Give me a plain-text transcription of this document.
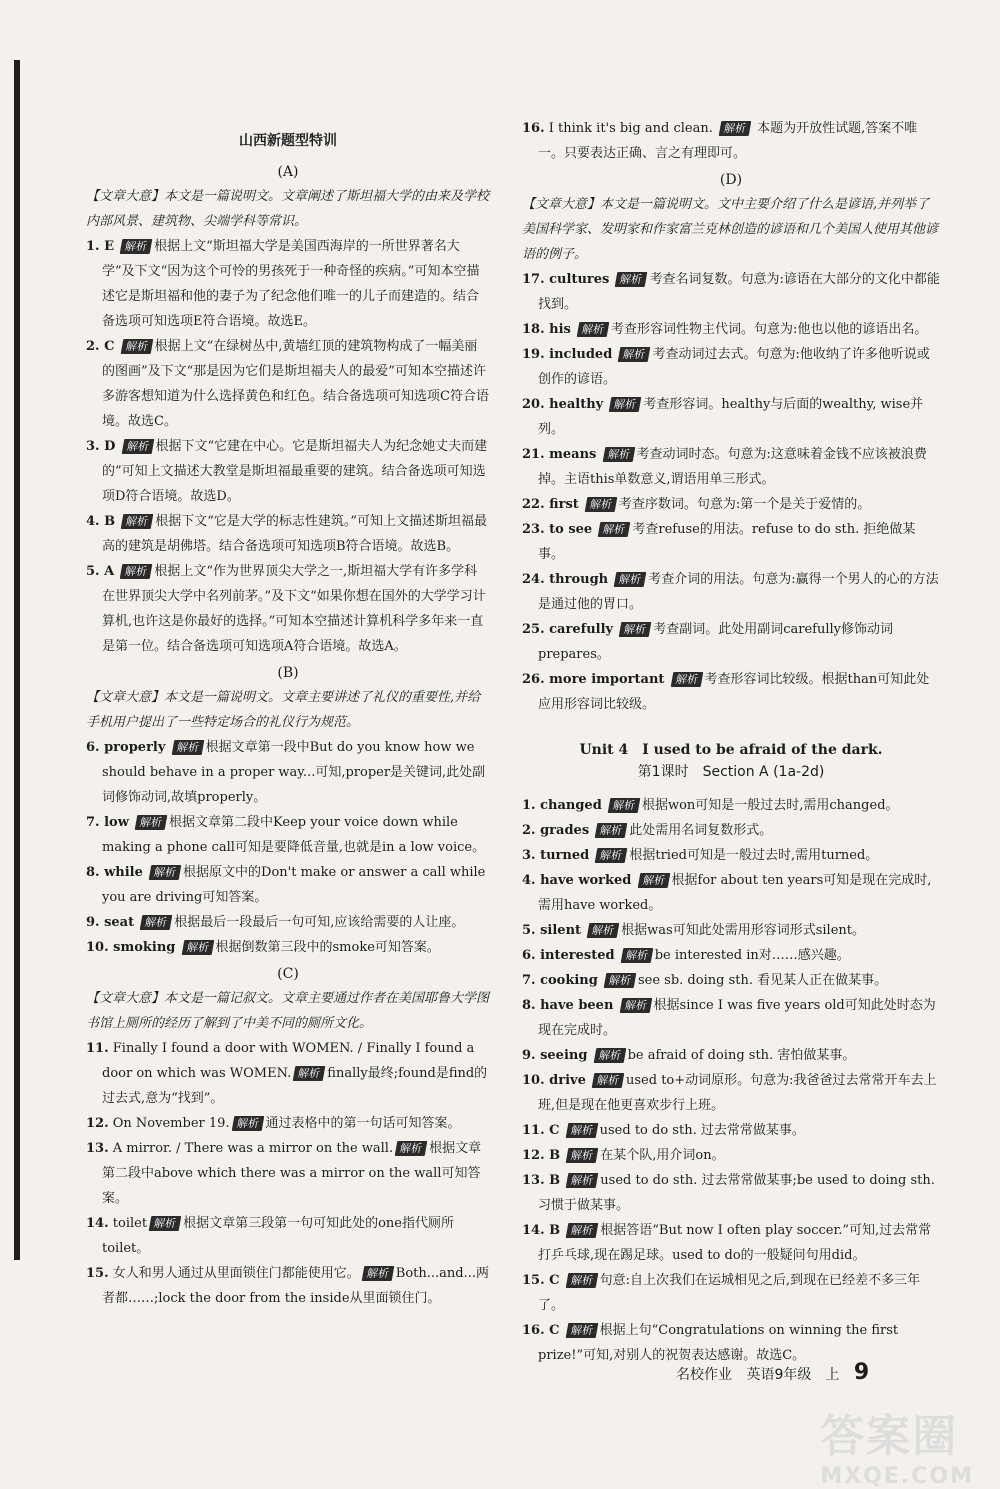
山西新题型特训
(A)

【文章大意】本文是一篇说明文。文章阐述了斯坦福大学的由来及学校内部风景、建筑物、尖端学科等常识。

1. E 解析 根据上文“斯坦福大学是美国西海岸的一所世界著名大学”及下文“因为这个可怜的男孩死于一种奇怪的疾病。”可知本空描述它是斯坦福和他的妻子为了纪念他们唯一的儿子而建造的。结合备选项可知选项E符合语境。故选E。

2. C 解析 根据上文“在绿树丛中,黄墙红顶的建筑物构成了一幅美丽的图画”及下文“那是因为它们是斯坦福夫人的最爱”可知本空描述许多游客想知道为什么选择黄色和红色。结合备选项可知选项C符合语境。故选C。

3. D 解析 根据下文“它建在中心。它是斯坦福夫人为纪念她丈夫而建的”可知上文描述大教堂是斯坦福最重要的建筑。结合备选项可知选项D符合语境。故选D。

4. B 解析 根据下文“它是大学的标志性建筑。”可知上文描述斯坦福最高的建筑是胡佛塔。结合备选项可知选项B符合语境。故选B。

5. A 解析 根据上文“作为世界顶尖大学之一,斯坦福大学有许多学科在世界顶尖大学中名列前茅。”及下文“如果你想在国外的大学学习计算机,也许这是你最好的选择。”可知本空描述计算机科学多年来一直是第一位。结合备选项可知选项A符合语境。故选A。

(B)

【文章大意】本文是一篇说明文。文章主要讲述了礼仪的重要性,并给手机用户提出了一些特定场合的礼仪行为规范。

6. properly 解析 根据文章第一段中But do you know how we should behave in a proper way...可知,proper是关键词,此处副词修饰动词,故填properly。

7. low 解析 根据文章第二段中Keep your voice down while making a phone call可知是要降低音量,也就是in a low voice。

8. while 解析 根据原文中的Don't make or answer a call while you are driving可知答案。

9. seat 解析 根据最后一段最后一句可知,应该给需要的人让座。

10. smoking 解析 根据倒数第三段中的smoke可知答案。

(C)

【文章大意】本文是一篇记叙文。文章主要通过作者在美国耶鲁大学图书馆上厕所的经历了解到了中美不同的厕所文化。

11. Finally I found a door with WOMEN. / Finally I found a door on which was WOMEN. 解析 finally最终;found是find的过去式,意为“找到”。

12. On November 19. 解析 通过表格中的第一句话可知答案。

13. A mirror. / There was a mirror on the wall. 解析 根据文章第二段中above which there was a mirror on the wall可知答案。

14. toilet 解析 根据文章第三段第一句可知此处的one指代厕所toilet。

15. 女人和男人通过从里面锁住门都能使用它。 解析 Both...and...两者都……;lock the door from the inside从里面锁住门。

16. I think it's big and clean. 解析 本题为开放性试题,答案不唯一。只要表达正确、言之有理即可。

(D)

【文章大意】本文是一篇说明文。文中主要介绍了什么是谚语,并列举了美国科学家、发明家和作家富兰克林创造的谚语和几个美国人使用其他谚语的例子。

17. cultures 解析 考查名词复数。句意为:谚语在大部分的文化中都能找到。

18. his 解析 考查形容词性物主代词。句意为:他也以他的谚语出名。

19. included 解析 考查动词过去式。句意为:他收纳了许多他听说或创作的谚语。

20. healthy 解析 考查形容词。healthy与后面的wealthy, wise并列。

21. means 解析 考查动词时态。句意为:这意味着金钱不应该被浪费掉。主语this单数意义,谓语用单三形式。

22. first 解析 考查序数词。句意为:第一个是关于爱情的。

23. to see 解析 考查refuse的用法。refuse to do sth. 拒绝做某事。

24. through 解析 考查介词的用法。句意为:赢得一个男人的心的方法是通过他的胃口。

25. carefully 解析 考查副词。此处用副词carefully修饰动词prepares。

26. more important 解析 考查形容词比较级。根据than可知此处应用形容词比较级。

Unit 4　I used to be afraid of the dark.
第1课时　Section A (1a-2d)

1. changed 解析 根据won可知是一般过去时,需用changed。

2. grades 解析 此处需用名词复数形式。

3. turned 解析 根据tried可知是一般过去时,需用turned。

4. have worked 解析 根据for about ten years可知是现在完成时,需用have worked。

5. silent 解析 根据was可知此处需用形容词形式silent。

6. interested 解析 be interested in对……感兴趣。

7. cooking 解析 see sb. doing sth. 看见某人正在做某事。

8. have been 解析 根据since I was five years old可知此处时态为现在完成时。

9. seeing 解析 be afraid of doing sth. 害怕做某事。

10. drive 解析 used to+动词原形。句意为:我爸爸过去常常开车去上班,但是现在他更喜欢步行上班。

11. C 解析 used to do sth. 过去常常做某事。

12. B 解析 在某个队,用介词on。

13. B 解析 used to do sth. 过去常常做某事;be used to doing sth. 习惯于做某事。

14. B 解析 根据答语“But now I often play soccer.”可知,过去常常打乒乓球,现在踢足球。used to do的一般疑问句用did。

15. C 解析 句意:自上次我们在运城相见之后,到现在已经差不多三年了。

16. C 解析 根据上句“Congratulations on winning the first prize!”可知,对别人的祝贺表达感谢。故选C。

名校作业 英语9年级　上 9
答案圈
MXQE.COM
